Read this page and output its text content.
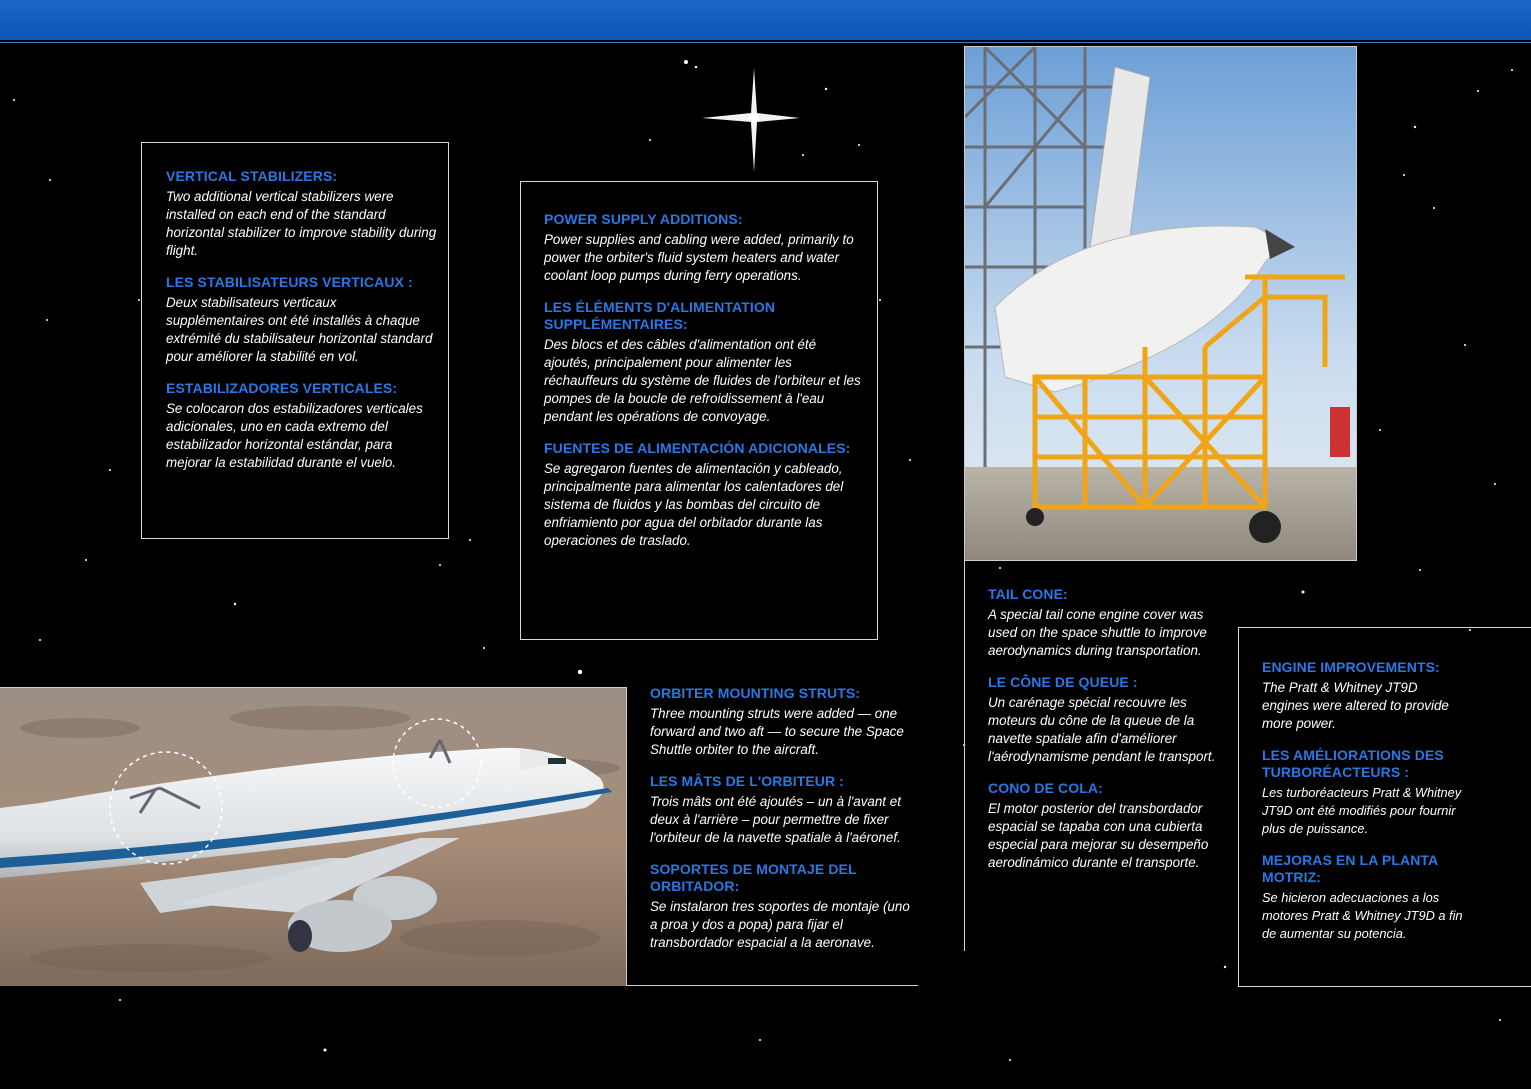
VERTICAL STABILIZERS:

Two additional vertical stabilizers were installed on each end of the standard horizontal stabilizer to improve stability during flight.

LES STABILISATEURS VERTICAUX :

Deux stabilisateurs verticaux supplémentaires ont été installés à chaque extrémité du stabilisateur horizontal standard pour améliorer la stabilité en vol.

ESTABILIZADORES VERTICALES:

Se colocaron dos estabilizadores verticales adicionales, uno en cada extremo del estabilizador horizontal estándar, para mejorar la estabilidad durante el vuelo.

POWER SUPPLY ADDITIONS:

Power supplies and cabling were added, primarily to power the orbiter's fluid system heaters and water coolant loop pumps during ferry operations.

LES ÉLÉMENTS D'ALIMENTATION SUPPLÉMENTAIRES:

Des blocs et des câbles d'alimentation ont été ajoutés, principalement pour alimenter les réchauffeurs du système de fluides de l'orbiteur et les pompes de la boucle de refroidissement à l'eau pendant les opérations de convoyage.

FUENTES DE ALIMENTACIÓN ADICIONALES:

Se agregaron fuentes de alimentación y cableado, principalmente para alimentar los calentadores del sistema de fluidos y las bombas del circuito de enfriamiento por agua del orbitador durante las operaciones de traslado.

TAIL CONE:

A special tail cone engine cover was used on the space shuttle to improve aerodynamics during transportation.

LE CÔNE DE QUEUE :

Un carénage spécial recouvre les moteurs du cône de la queue de la navette spatiale afin d'améliorer l'aérodynamisme pendant le transport.

CONO DE COLA:

El motor posterior del transbordador espacial se tapaba con una cubierta especial para mejorar su desempeño aerodinámico durante el transporte.

ENGINE IMPROVEMENTS:

The Pratt & Whitney JT9D engines were altered to provide more power.

LES AMÉLIORATIONS DES TURBORÉACTEURS :

Les turboréacteurs Pratt & Whitney JT9D ont été modifiés pour fournir plus de puissance.

MEJORAS EN LA PLANTA MOTRIZ:

Se hicieron adecuaciones a los motores Pratt & Whitney JT9D a fin de aumentar su potencia.

ORBITER MOUNTING STRUTS:

Three mounting struts were added — one forward and two aft — to secure the Space Shuttle orbiter to the aircraft.

LES MÂTS DE L'ORBITEUR :

Trois mâts ont été ajoutés – un à l'avant et deux à l'arrière – pour permettre de fixer l'orbiteur de la navette spatiale à l'aéronef.

SOPORTES DE MONTAJE DEL ORBITADOR:

Se instalaron tres soportes de montaje (uno a proa y dos a popa) para fijar el transbordador espacial a la aeronave.
